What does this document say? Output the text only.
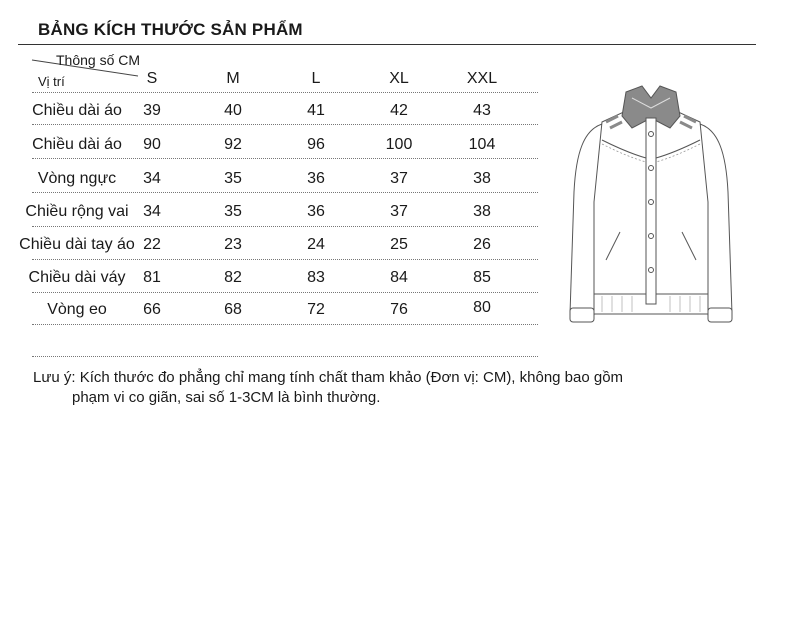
BẢNG KÍCH THƯỚC SẢN PHẨM
Thông số CM
Vị trí	S	M	L	XL	XXL
Chiều dài áo	39	40	41	42	43
Chiều dài áo	90	92	96	100	104
Vòng ngực	34	35	36	37	38
Chiều rộng vai 34	35	36	37	38
Chiều dài tay áo 22	23	24	25	26
Chiều dài váy	81	82	83	84	85
Vòng eo	66	68	72	76	80
Lưu ý: Kích thước đo phẳng chỉ mang tính chất tham khảo (Đơn vị: CM), không bao gồm
phạm vi co giãn, sai số 1-3CM là bình thường.
